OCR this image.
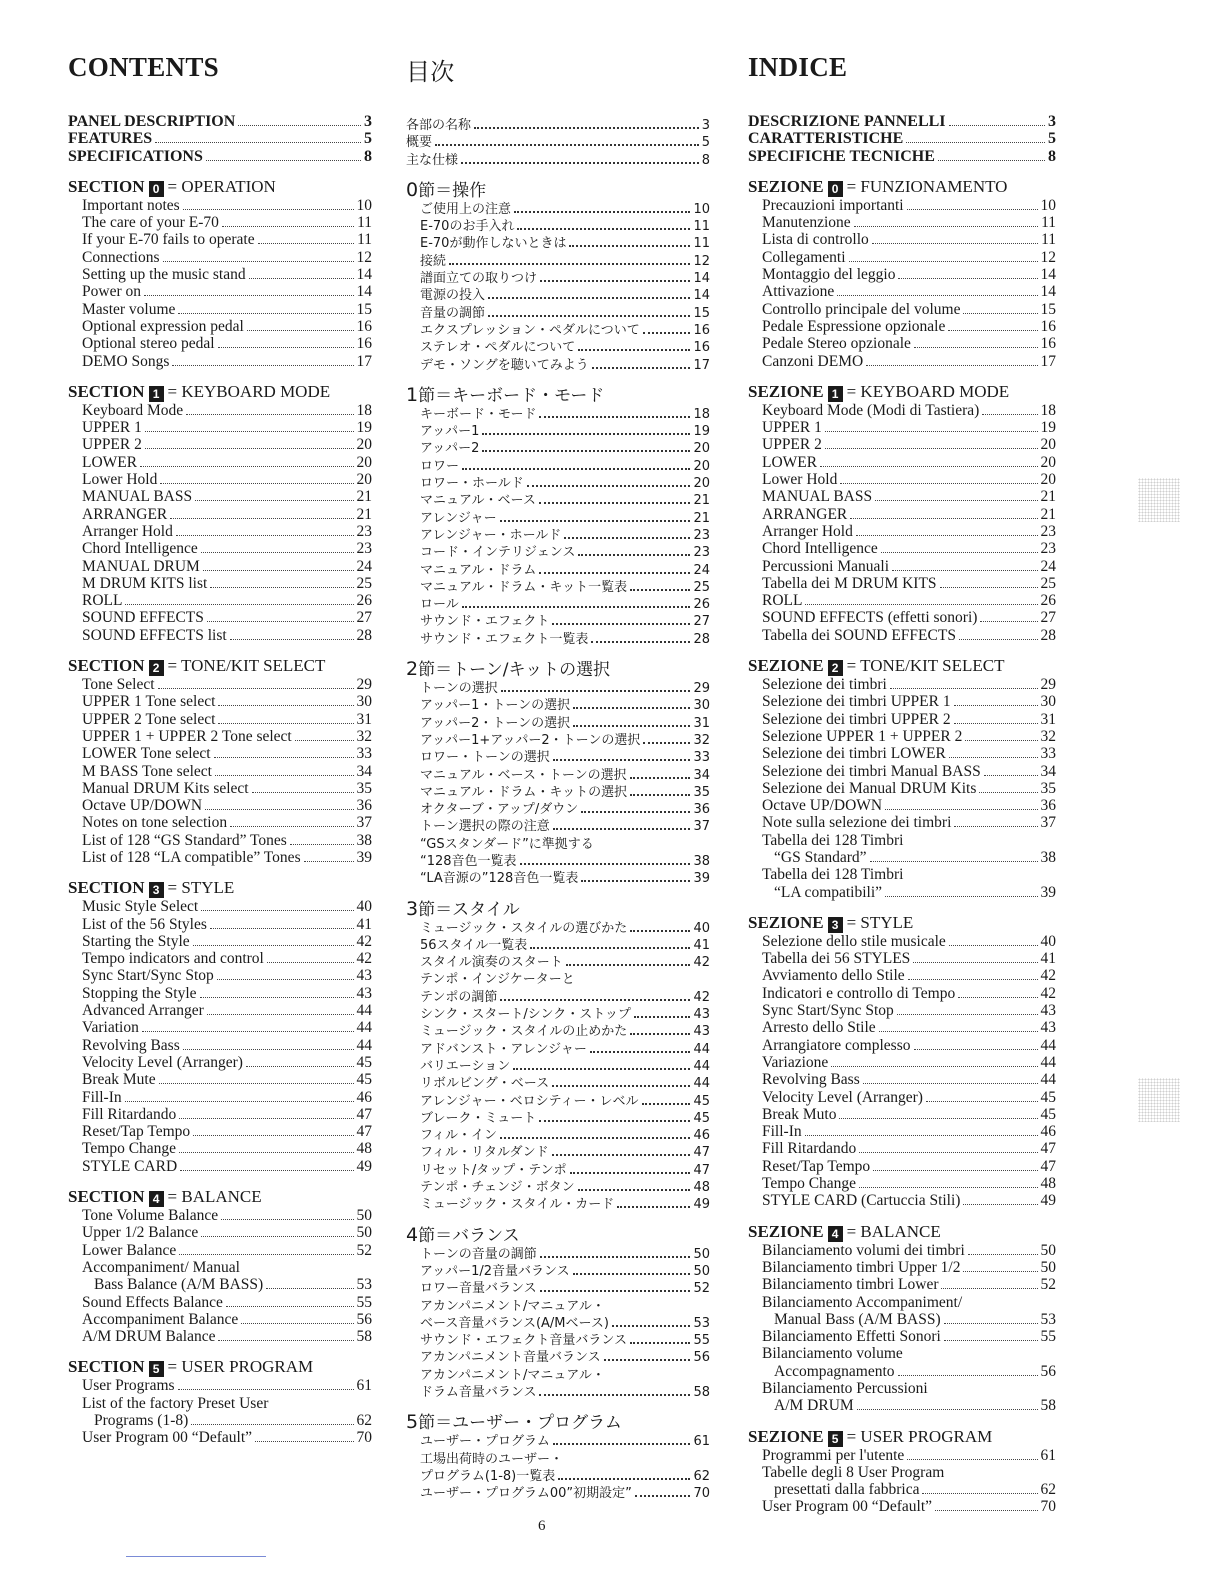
CONTENTS
PANEL DESCRIPTION	3
FEATURES	5
SPECIFICATIONS	8
SECTION 0 = OPERATION
Important notes	10
The care of your E-70	11
If your E-70 fails to operate	11
Connections	12
Setting up the music stand	14
Power on	14
Master volume	15
Optional expression pedal	16
Optional stereo pedal	16
DEMO Songs	17
SECTION 1 = KEYBOARD MODE
Keyboard Mode	18
UPPER 1	19
UPPER 2	20
LOWER	20
Lower Hold	20
MANUAL BASS	21
ARRANGER	21
Arranger Hold	23
Chord Intelligence	23
MANUAL DRUM	24
M DRUM KITS list	25
ROLL	26
SOUND EFFECTS	27
SOUND EFFECTS list	28
SECTION 2 = TONE/KIT SELECT
Tone Select	29
UPPER 1 Tone select	30
UPPER 2 Tone select	31
UPPER 1 + UPPER 2 Tone select	32
LOWER Tone select	33
M BASS Tone select	34
Manual DRUM Kits select	35
Octave UP/DOWN	36
Notes on tone selection	37
List of 128 “GS Standard” Tones	38
List of 128 “LA compatible” Tones	39
SECTION 3 = STYLE
Music Style Select	40
List of the 56 Styles	41
Starting the Style	42
Tempo indicators and control	42
Sync Start/Sync Stop	43
Stopping the Style	43
Advanced Arranger	44
Variation	44
Revolving Bass	44
Velocity Level (Arranger)	45
Break Mute	45
Fill-In	46
Fill Ritardando	47
Reset/Tap Tempo	47
Tempo Change	48
STYLE CARD	49
SECTION 4 = BALANCE
Tone Volume Balance	50
Upper 1/2 Balance	50
Lower Balance	52
Accompaniment/ Manual
Bass Balance (A/M BASS)	53
Sound Effects Balance	55
Accompaniment Balance	56
A/M DRUM Balance	58
SECTION 5 = USER PROGRAM
User Programs	61
List of the factory Preset User
Programs (1-8)	62
User Program 00 “Default”	70
目次
各部の名称	3
概要	5
主な仕様	8
0節＝操作
ご使用上の注意	10
E-70のお手入れ	11
E-70が動作しないときは	11
接続	12
譜面立ての取りつけ	14
電源の投入	14
音量の調節	15
エクスプレッション・ペダルについて	16
ステレオ・ペダルについて	16
デモ・ソングを聴いてみよう	17
1節＝キーボード・モード
キーボード・モード	18
アッパー1	19
アッパー2	20
ロワー	20
ロワー・ホールド	20
マニュアル・ベース	21
アレンジャー	21
アレンジャー・ホールド	23
コード・インテリジェンス	23
マニュアル・ドラム	24
マニュアル・ドラム・キット一覧表	25
ロール	26
サウンド・エフェクト	27
サウンド・エフェクト一覧表	28
2節＝トーン/キットの選択
トーンの選択	29
アッパー1・トーンの選択	30
アッパー2・トーンの選択	31
アッパー1+アッパー2・トーンの選択	32
ロワー・トーンの選択	33
マニュアル・ベース・トーンの選択	34
マニュアル・ドラム・キットの選択	35
オクターブ・アップ/ダウン	36
トーン選択の際の注意	37
“GSスタンダード”に準拠する
“128音色一覧表	38
“LA音源の”128音色一覧表	39
3節＝スタイル
ミュージック・スタイルの選びかた	40
56スタイル一覧表	41
スタイル演奏のスタート	42
テンポ・インジケーターと
テンポの調節	42
シンク・スタート/シンク・ストップ	43
ミュージック・スタイルの止めかた	43
アドバンスト・アレンジャー	44
バリエーション	44
リボルビング・ベース	44
アレンジャー・ベロシティー・レベル	45
ブレーク・ミュート	45
フィル・イン	46
フィル・リタルダンド	47
リセット/タップ・テンポ	47
テンポ・チェンジ・ボタン	48
ミュージック・スタイル・カード	49
4節＝バランス
トーンの音量の調節	50
アッパー1/2音量バランス	50
ロワー音量バランス	52
アカンパニメント/マニュアル・
ベース音量バランス(A/Mベース)	53
サウンド・エフェクト音量バランス	55
アカンパニメント音量バランス	56
アカンパニメント/マニュアル・
ドラム音量バランス	58
5節＝ユーザー・プログラム
ユーザー・プログラム	61
工場出荷時のユーザー・
プログラム(1-8)一覧表	62
ユーザー・プログラム00”初期設定”	70
INDICE
DESCRIZIONE PANNELLI	3
CARATTERISTICHE	5
SPECIFICHE TECNICHE	8
SEZIONE 0 = FUNZIONAMENTO
Precauzioni importanti	10
Manutenzione	11
Lista di controllo	11
Collegamenti	12
Montaggio del leggio	14
Attivazione	14
Controllo principale del volume	15
Pedale Espressione opzionale	16
Pedale Stereo opzionale	16
Canzoni DEMO	17
SEZIONE 1 = KEYBOARD MODE
Keyboard Mode (Modi di Tastiera)	18
UPPER 1	19
UPPER 2	20
LOWER	20
Lower Hold	20
MANUAL BASS	21
ARRANGER	21
Arranger Hold	23
Chord Intelligence	23
Percussioni Manuali	24
Tabella dei M DRUM KITS	25
ROLL	26
SOUND EFFECTS (effetti sonori)	27
Tabella dei SOUND EFFECTS	28
SEZIONE 2 = TONE/KIT SELECT
Selezione dei timbri	29
Selezione dei timbri UPPER 1	30
Selezione dei timbri UPPER 2	31
Selezione UPPER 1 + UPPER 2	32
Selezione dei timbri LOWER	33
Selezione dei timbri Manual BASS	34
Selezione dei Manual DRUM Kits	35
Octave UP/DOWN	36
Note sulla selezione dei timbri	37
Tabella dei 128 Timbri
“GS Standard”	38
Tabella dei 128 Timbri
“LA compatibili”	39
SEZIONE 3 = STYLE
Selezione dello stile musicale	40
Tabella dei 56 STYLES	41
Avviamento dello Stile	42
Indicatori e controllo di Tempo	42
Sync Start/Sync Stop	43
Arresto dello Stile	43
Arrangiatore complesso	44
Variazione	44
Revolving Bass	44
Velocity Level (Arranger)	45
Break Muto	45
Fill-In	46
Fill Ritardando	47
Reset/Tap Tempo	47
Tempo Change	48
STYLE CARD (Cartuccia Stili)	49
SEZIONE 4 = BALANCE
Bilanciamento volumi dei timbri	50
Bilanciamento timbri Upper 1/2	50
Bilanciamento timbri Lower	52
Bilanciamento Accompaniment/
Manual Bass (A/M BASS)	53
Bilanciamento Effetti Sonori	55
Bilanciamento volume
Accompagnamento	56
Bilanciamento Percussioni
A/M DRUM	58
SEZIONE 5 = USER PROGRAM
Programmi per l'utente	61
Tabelle degli 8 User Program
presettati dalla fabbrica	62
User Program 00 “Default”	70
6
